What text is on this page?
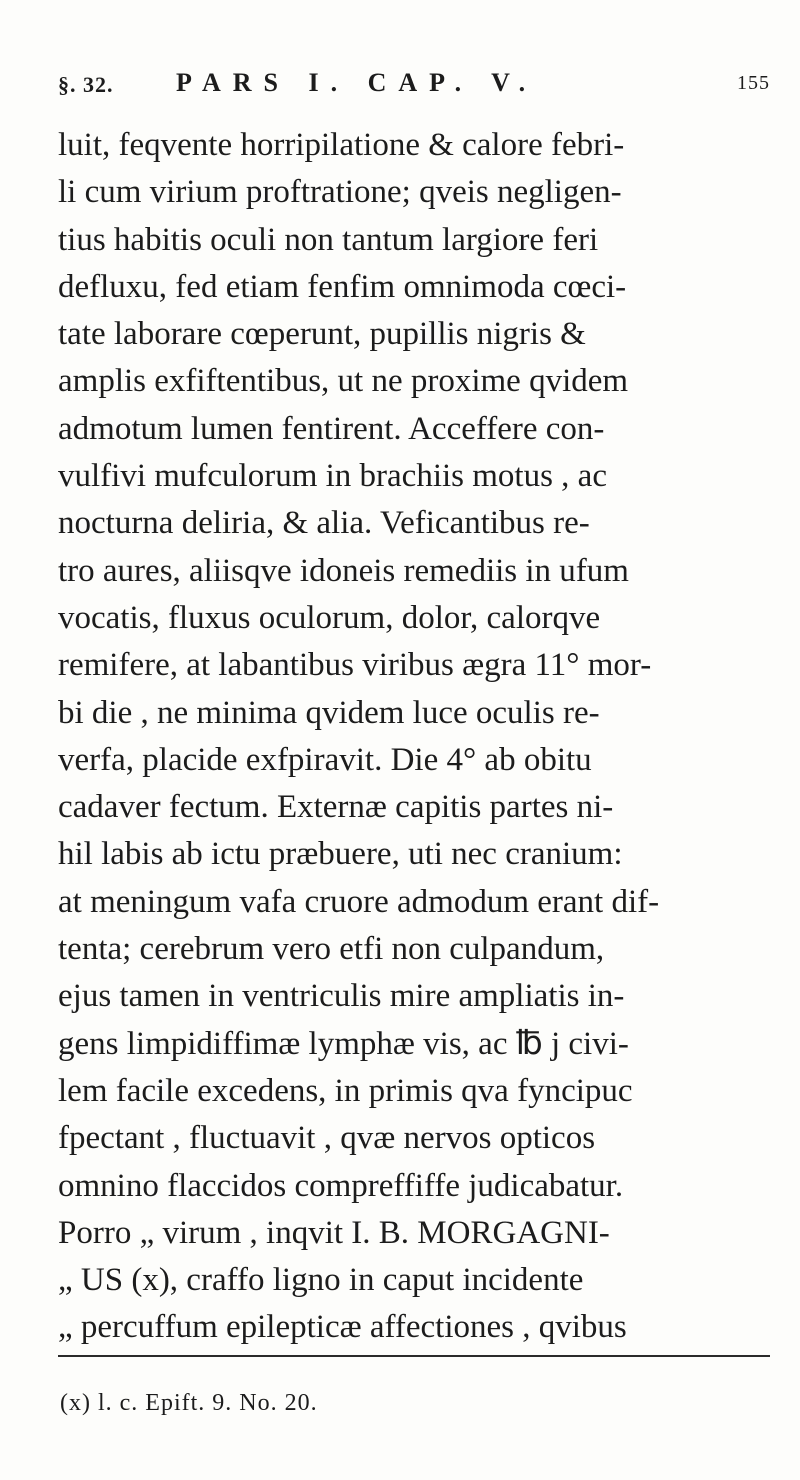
§. 32. PARS I. CAP. V.	155
luit, feqvente horripilatione & calore febri-
li cum virium proftratione; qveis negligen-
tius habitis oculi non tantum largiore feri
defluxu, fed etiam fenfim omnimoda cœci-
tate laborare cœperunt, pupillis nigris &
amplis exfiftentibus, ut ne proxime qvidem
admotum lumen fentirent. Acceffere con-
vulfivi mufculorum in brachiis motus , ac
nocturna deliria, & alia. Veficantibus re-
tro aures, aliisqve idoneis remediis in ufum
vocatis, fluxus oculorum, dolor, calorqve
remifere, at labantibus viribus ægra 11° mor-
bi die , ne minima qvidem luce oculis re-
verfa, placide exfpiravit. Die 4° ab obitu
cadaver fectum. Externæ capitis partes ni-
hil labis ab ictu præbuere, uti nec cranium:
at meningum vafa cruore admodum erant dif-
tenta; cerebrum vero etfi non culpandum,
ejus tamen in ventriculis mire ampliatis in-
gens limpidiffimæ lymphæ vis, ac ℔ j civi-
lem facile excedens, in primis qva fyncipuc
fpectant , fluctuavit , qvæ nervos opticos
omnino flaccidos compreffiffe judicabatur.
Porro „ virum , inqvit I. B. MORGAGNI-
„ US (x), craffo ligno in caput incidente
„ percuffum epilepticæ affectiones , qvibus
(x) l. c. Epift. 9. No. 20.
